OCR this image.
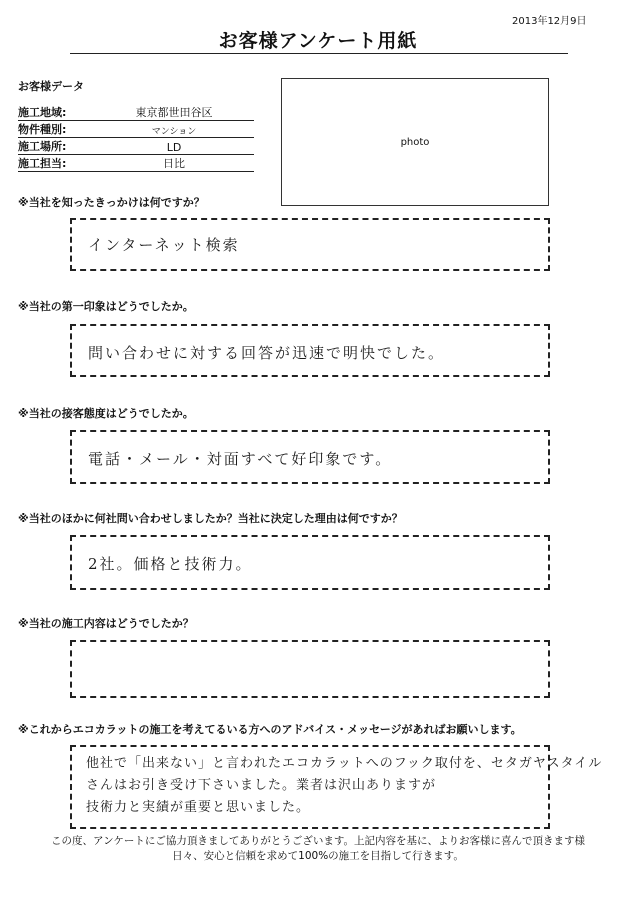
2013年12月9日
お客様アンケート用紙
お客様データ
施工地域:	東京都世田谷区
物件種別:	マンション
施工場所:	LD
施工担当:	日比
photo
※当社を知ったきっかけは何ですか？
インターネット検索
※当社の第一印象はどうでしたか。
問い合わせに対する回答が迅速で明快でした。
※当社の接客態度はどうでしたか。
電話・メール・対面すべて好印象です。
※当社のほかに何社問い合わせしましたか？当社に決定した理由は何ですか？
2社。価格と技術力。
※当社の施工内容はどうでしたか？
※これからエコカラットの施工を考えてるいる方へのアドバイス・メッセージがあればお願いします。
他社で「出来ない」と言われたエコカラットへのフック取付を、セタガヤスタイル
さんはお引き受け下さいました。業者は沢山ありますが
技術力と実績が重要と思いました。
この度、アンケートにご協力頂きましてありがとうございます。上記内容を基に、よりお客様に喜んで頂きます様
日々、安心と信頼を求めて100%の施工を目指して行きます。
